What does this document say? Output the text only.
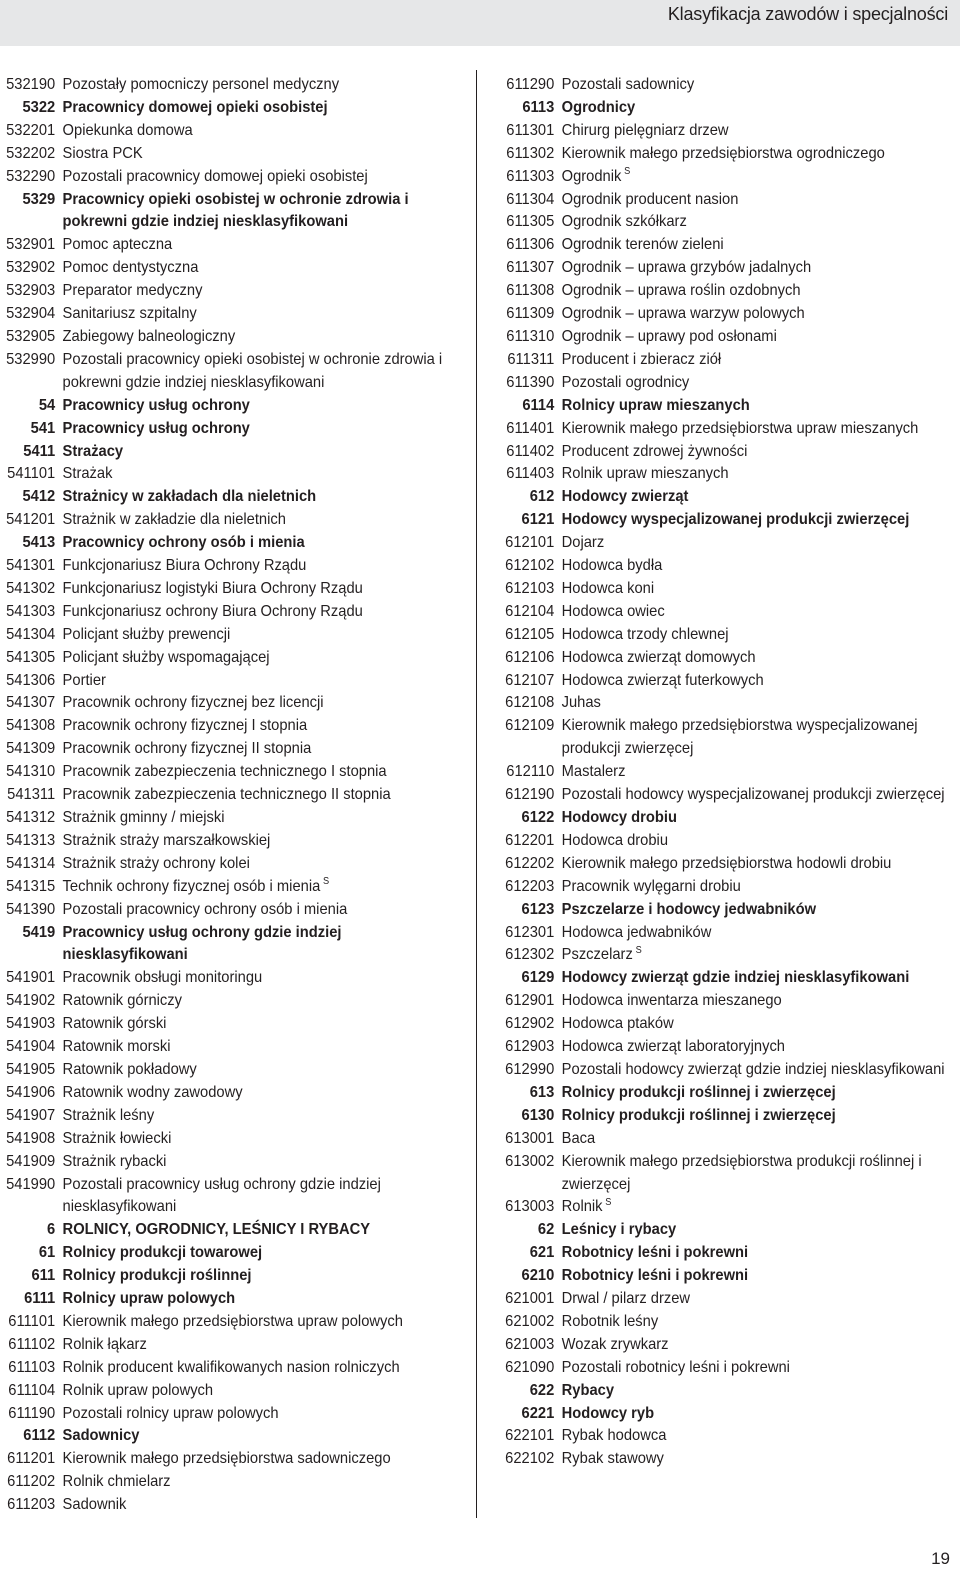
Klasyfikacja zawodów i specjalności
532190 Pozostały pomocniczy personel medyczny
5322 Pracownicy domowej opieki osobistej
532201 Opiekunka domowa
532202 Siostra PCK
532290 Pozostali pracownicy domowej opieki osobistej
5329 Pracownicy opieki osobistej w ochronie zdrowia i pokrewni gdzie indziej niesklasyfikowani
532901 Pomoc apteczna
532902 Pomoc dentystyczna
532903 Preparator medyczny
532904 Sanitariusz szpitalny
532905 Zabiegowy balneologiczny
532990 Pozostali pracownicy opieki osobistej w ochronie zdrowia i pokrewni gdzie indziej niesklasyfikowani
54 Pracownicy usług ochrony
541 Pracownicy usług ochrony
5411 Strażacy
541101 Strażak
5412 Strażnicy w zakładach dla nieletnich
541201 Strażnik w zakładzie dla nieletnich
5413 Pracownicy ochrony osób i mienia
541301 Funkcjonariusz Biura Ochrony Rządu
541302 Funkcjonariusz logistyki Biura Ochrony Rządu
541303 Funkcjonariusz ochrony Biura Ochrony Rządu
541304 Policjant służby prewencji
541305 Policjant służby wspomagającej
541306 Portier
541307 Pracownik ochrony fizycznej bez licencji
541308 Pracownik ochrony fizycznej I stopnia
541309 Pracownik ochrony fizycznej II stopnia
541310 Pracownik zabezpieczenia technicznego I stopnia
541311 Pracownik zabezpieczenia technicznego II stopnia
541312 Strażnik gminny / miejski
541313 Strażnik straży marszałkowskiej
541314 Strażnik straży ochrony kolei
541315 Technik ochrony fizycznej osób i mienia $^S$
541390 Pozostali pracownicy ochrony osób i mienia
5419 Pracownicy usług ochrony gdzie indziej niesklasyfikowani
541901 Pracownik obsługi monitoringu
541902 Ratownik górniczy
541903 Ratownik górski
541904 Ratownik morski
541905 Ratownik pokładowy
541906 Ratownik wodny zawodowy
541907 Strażnik leśny
541908 Strażnik łowiecki
541909 Strażnik rybacki
541990 Pozostali pracownicy usług ochrony gdzie indziej niesklasyfikowani
6 ROLNICY, OGRODNICY, LEŚNICY I RYBACY
61 Rolnicy produkcji towarowej
611 Rolnicy produkcji roślinnej
6111 Rolnicy upraw polowych
611101 Kierownik małego przedsiębiorstwa upraw polowych
611102 Rolnik łąkarz
611103 Rolnik producent kwalifikowanych nasion rolniczych
611104 Rolnik upraw polowych
611190 Pozostali rolnicy upraw polowych
6112 Sadownicy
611201 Kierownik małego przedsiębiorstwa sadowniczego
611202 Rolnik chmielarz
611203 Sadownik
611290 Pozostali sadownicy
6113 Ogrodnicy
611301 Chirurg pielęgniarz drzew
611302 Kierownik małego przedsiębiorstwa ogrodniczego
611303 Ogrodnik $^S$
611304 Ogrodnik producent nasion
611305 Ogrodnik szkółkarz
611306 Ogrodnik terenów zieleni
611307 Ogrodnik – uprawa grzybów jadalnych
611308 Ogrodnik – uprawa roślin ozdobnych
611309 Ogrodnik – uprawa warzyw polowych
611310 Ogrodnik – uprawy pod osłonami
611311 Producent i zbieracz ziół
611390 Pozostali ogrodnicy
6114 Rolnicy upraw mieszanych
611401 Kierownik małego przedsiębiorstwa upraw mieszanych
611402 Producent zdrowej żywności
611403 Rolnik upraw mieszanych
612 Hodowcy zwierząt
6121 Hodowcy wyspecjalizowanej produkcji zwierzęcej
612101 Dojarz
612102 Hodowca bydła
612103 Hodowca koni
612104 Hodowca owiec
612105 Hodowca trzody chlewnej
612106 Hodowca zwierząt domowych
612107 Hodowca zwierząt futerkowych
612108 Juhas
612109 Kierownik małego przedsiębiorstwa wyspecjalizowanej produkcji zwierzęcej
612110 Mastalerz
612190 Pozostali hodowcy wyspecjalizowanej produkcji zwierzęcej
6122 Hodowcy drobiu
612201 Hodowca drobiu
612202 Kierownik małego przedsiębiorstwa hodowli drobiu
612203 Pracownik wylęgarni drobiu
6123 Pszczelarze i hodowcy jedwabników
612301 Hodowca jedwabników
612302 Pszczelarz $^S$
6129 Hodowcy zwierząt gdzie indziej niesklasyfikowani
612901 Hodowca inwentarza mieszanego
612902 Hodowca ptaków
612903 Hodowca zwierząt laboratoryjnych
612990 Pozostali hodowcy zwierząt gdzie indziej niesklasyfikowani
613 Rolnicy produkcji roślinnej i zwierzęcej
6130 Rolnicy produkcji roślinnej i zwierzęcej
613001 Baca
613002 Kierownik małego przedsiębiorstwa produkcji roślinnej i zwierzęcej
613003 Rolnik $^S$
62 Leśnicy i rybacy
621 Robotnicy leśni i pokrewni
6210 Robotnicy leśni i pokrewni
621001 Drwal / pilarz drzew
621002 Robotnik leśny
621003 Wozak zrywkarz
621090 Pozostali robotnicy leśni i pokrewni
622 Rybacy
6221 Hodowcy ryb
622101 Rybak hodowca
622102 Rybak stawowy
19
